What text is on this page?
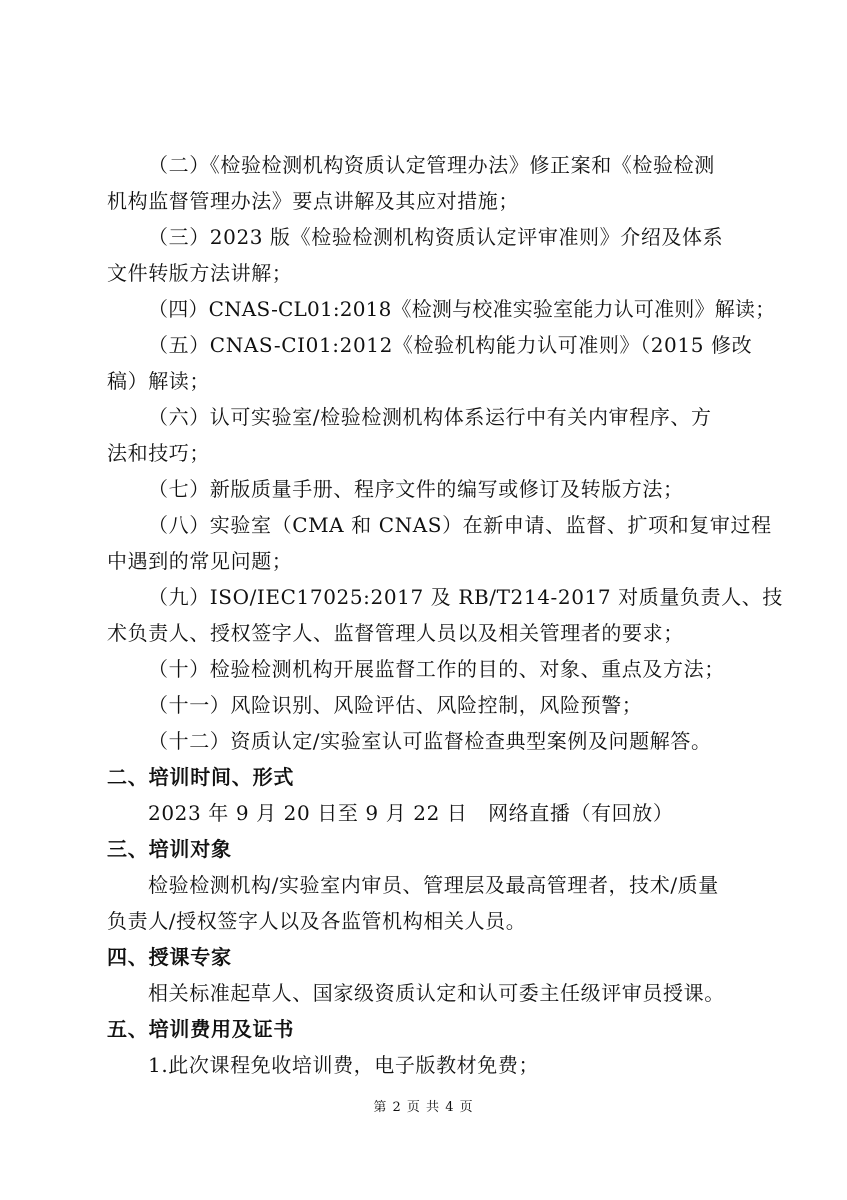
（二）《检验检测机构资质认定管理办法》修正案和《检验检测
机构监督管理办法》要点讲解及其应对措施；
（三）2023 版《检验检测机构资质认定评审准则》介绍及体系
文件转版方法讲解；
（四）CNAS-CL01:2018《检测与校准实验室能力认可准则》解读；
（五）CNAS-CI01:2012《检验机构能力认可准则》（2015 修改
稿）解读；
（六）认可实验室/检验检测机构体系运行中有关内审程序、方
法和技巧；
（七）新版质量手册、程序文件的编写或修订及转版方法；
（八）实验室（CMA 和 CNAS）在新申请、监督、扩项和复审过程
中遇到的常见问题；
（九）ISO/IEC17025:2017 及 RB/T214-2017 对质量负责人、技
术负责人、授权签字人、监督管理人员以及相关管理者的要求；
（十）检验检测机构开展监督工作的目的、对象、重点及方法；
（十一）风险识别、风险评估、风险控制，风险预警；
（十二）资质认定/实验室认可监督检查典型案例及问题解答。
二、培训时间、形式
2023 年 9 月 20 日至 9 月 22 日　网络直播（有回放）
三、培训对象
检验检测机构/实验室内审员、管理层及最高管理者，技术/质量
负责人/授权签字人以及各监管机构相关人员。
四、授课专家
相关标准起草人、国家级资质认定和认可委主任级评审员授课。
五、培训费用及证书
1.此次课程免收培训费，电子版教材免费；
第 2 页 共 4 页
